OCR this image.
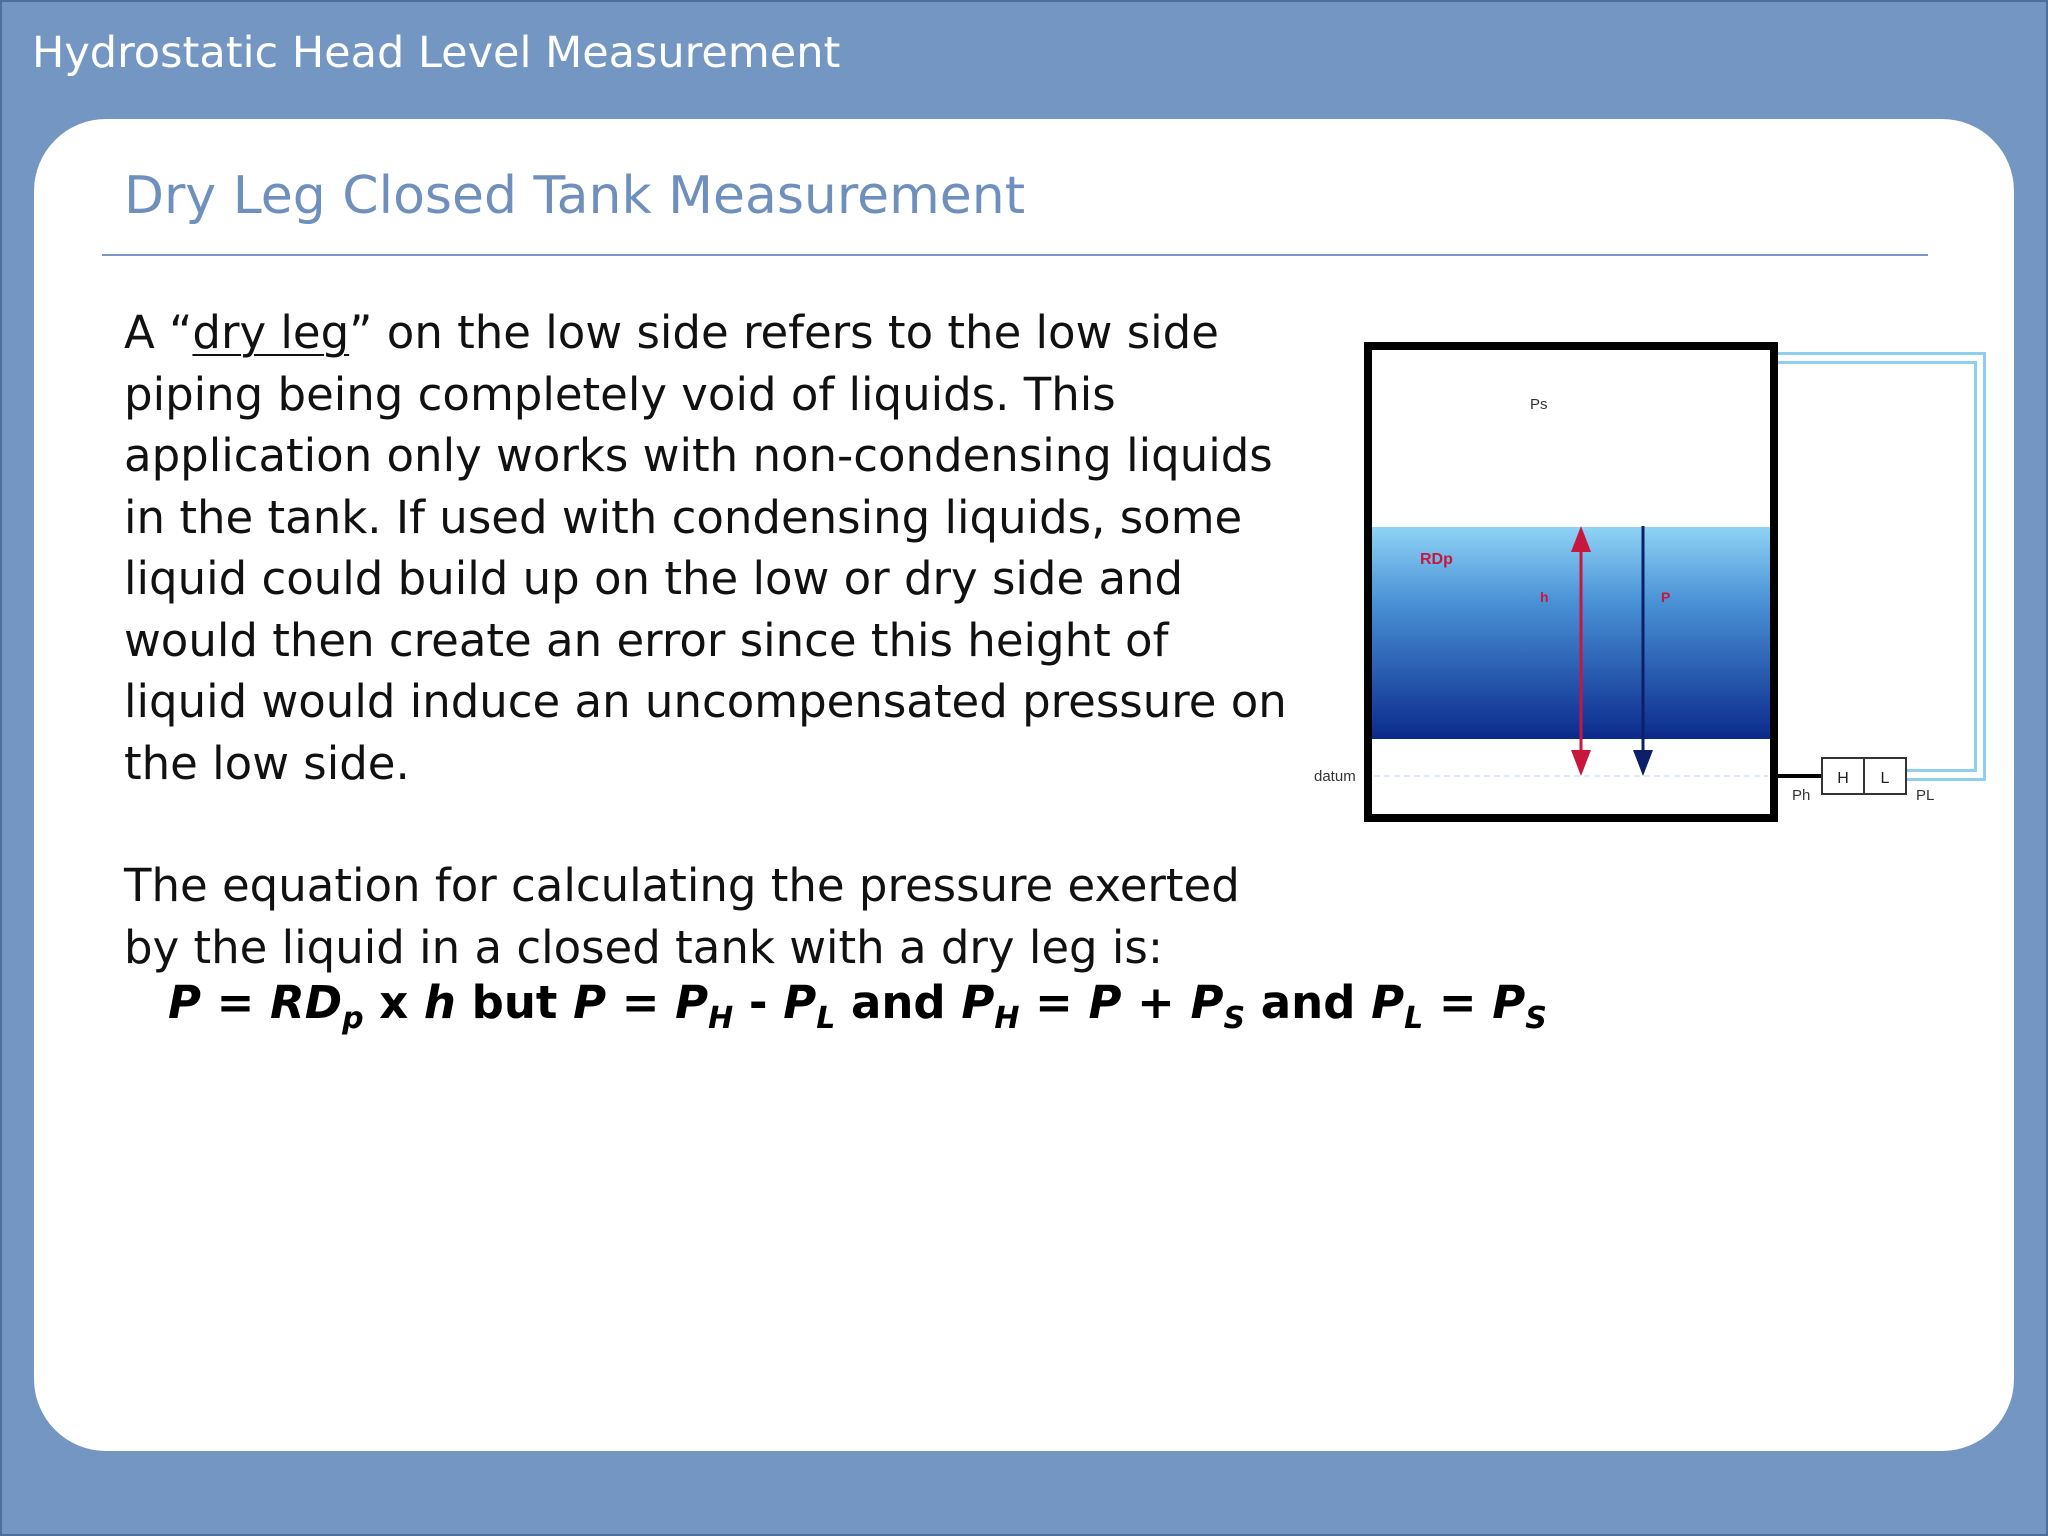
Hydrostatic Head Level Measurement
Dry Leg Closed Tank Measurement

A “dry leg” on the low side refers to the low side piping being completely void of liquids. This application only works with non-condensing liquids in the tank. If used with condensing liquids, some liquid could build up on the low or dry side and would then create an error since this height of liquid would induce an uncompensated pressure on the low side.

The equation for calculating the pressure exerted by the liquid in a closed tank with a dry leg is:

$P = RD_p$ x h but $P = P_H - P_L$ and $P_H = P + P_S$ and $P_L = P_S$
H L
Ps
RDp
h	P
datum
Ph	PL
